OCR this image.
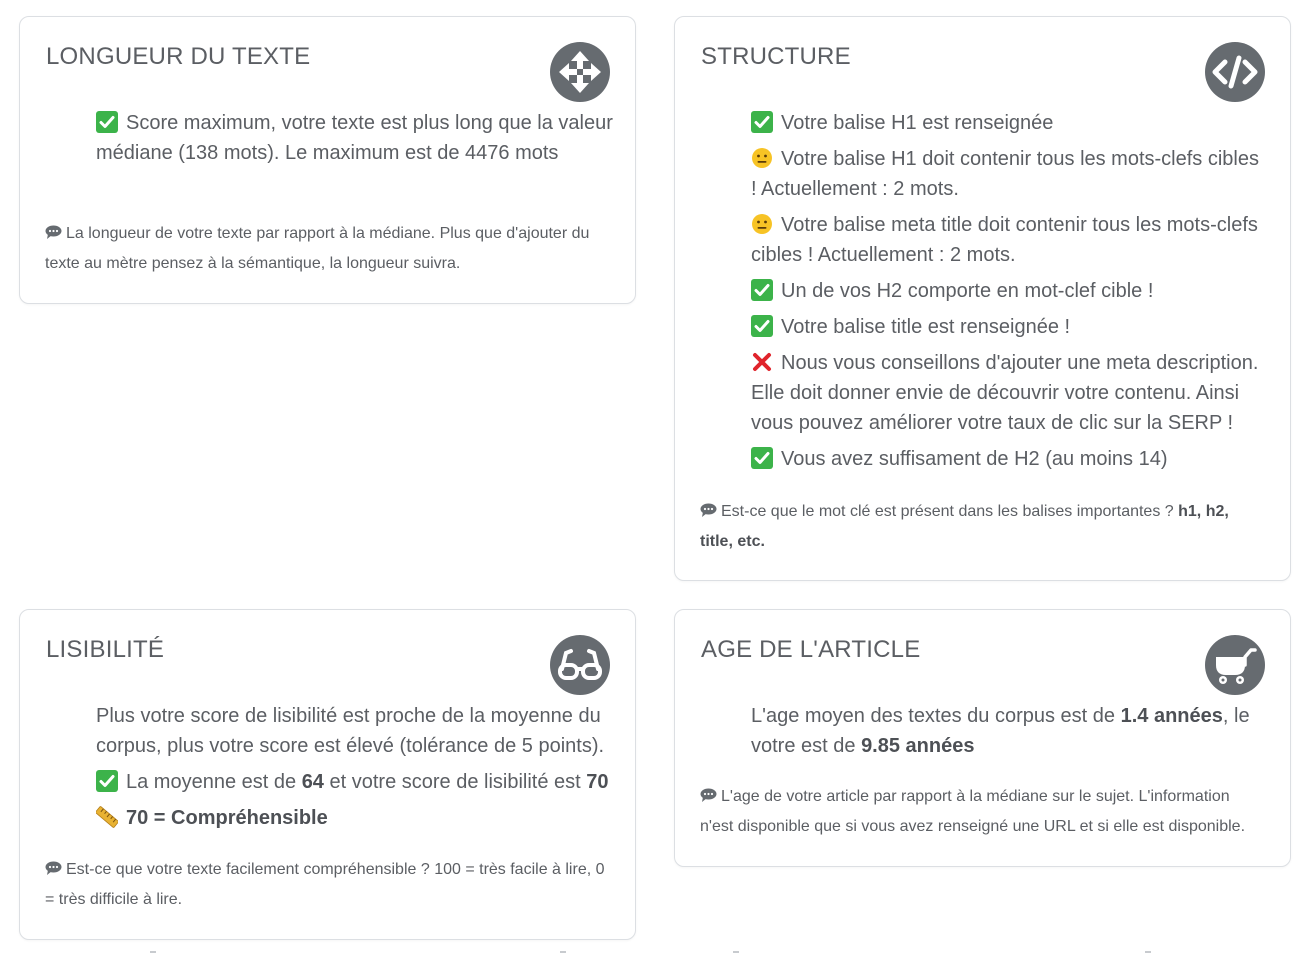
LONGUEUR DU TEXTE
Score maximum, votre texte est plus long que la valeur médiane (138 mots). Le maximum est de 4476 mots

La longueur de votre texte par rapport à la médiane. Plus que d'ajouter du texte au mètre pensez à la sémantique, la longueur suivra.

STRUCTURE
Votre balise H1 est renseignée
Votre balise H1 doit contenir tous les mots-clefs cibles ! Actuellement : 2 mots.
Votre balise meta title doit contenir tous les mots-clefs cibles ! Actuellement : 2 mots.
Un de vos H2 comporte en mot-clef cible !
Votre balise title est renseignée !
Nous vous conseillons d'ajouter une meta description. Elle doit donner envie de découvrir votre contenu. Ainsi vous pouvez améliorer votre taux de clic sur la SERP !
Vous avez suffisament de H2 (au moins 14)

Est-ce que le mot clé est présent dans les balises importantes ? h1, h2, title, etc.

LISIBILITÉ
Plus votre score de lisibilité est proche de la moyenne du corpus, plus votre score est élevé (tolérance de 5 points).
La moyenne est de 64 et votre score de lisibilité est 70
70 = Compréhensible

Est-ce que votre texte facilement compréhensible ? 100 = très facile à lire, 0 = très difficile à lire.

AGE DE L'ARTICLE
L'age moyen des textes du corpus est de 1.4 années, le votre est de 9.85 années

L'age de votre article par rapport à la médiane sur le sujet. L'information n'est disponible que si vous avez renseigné une URL et si elle est disponible.
